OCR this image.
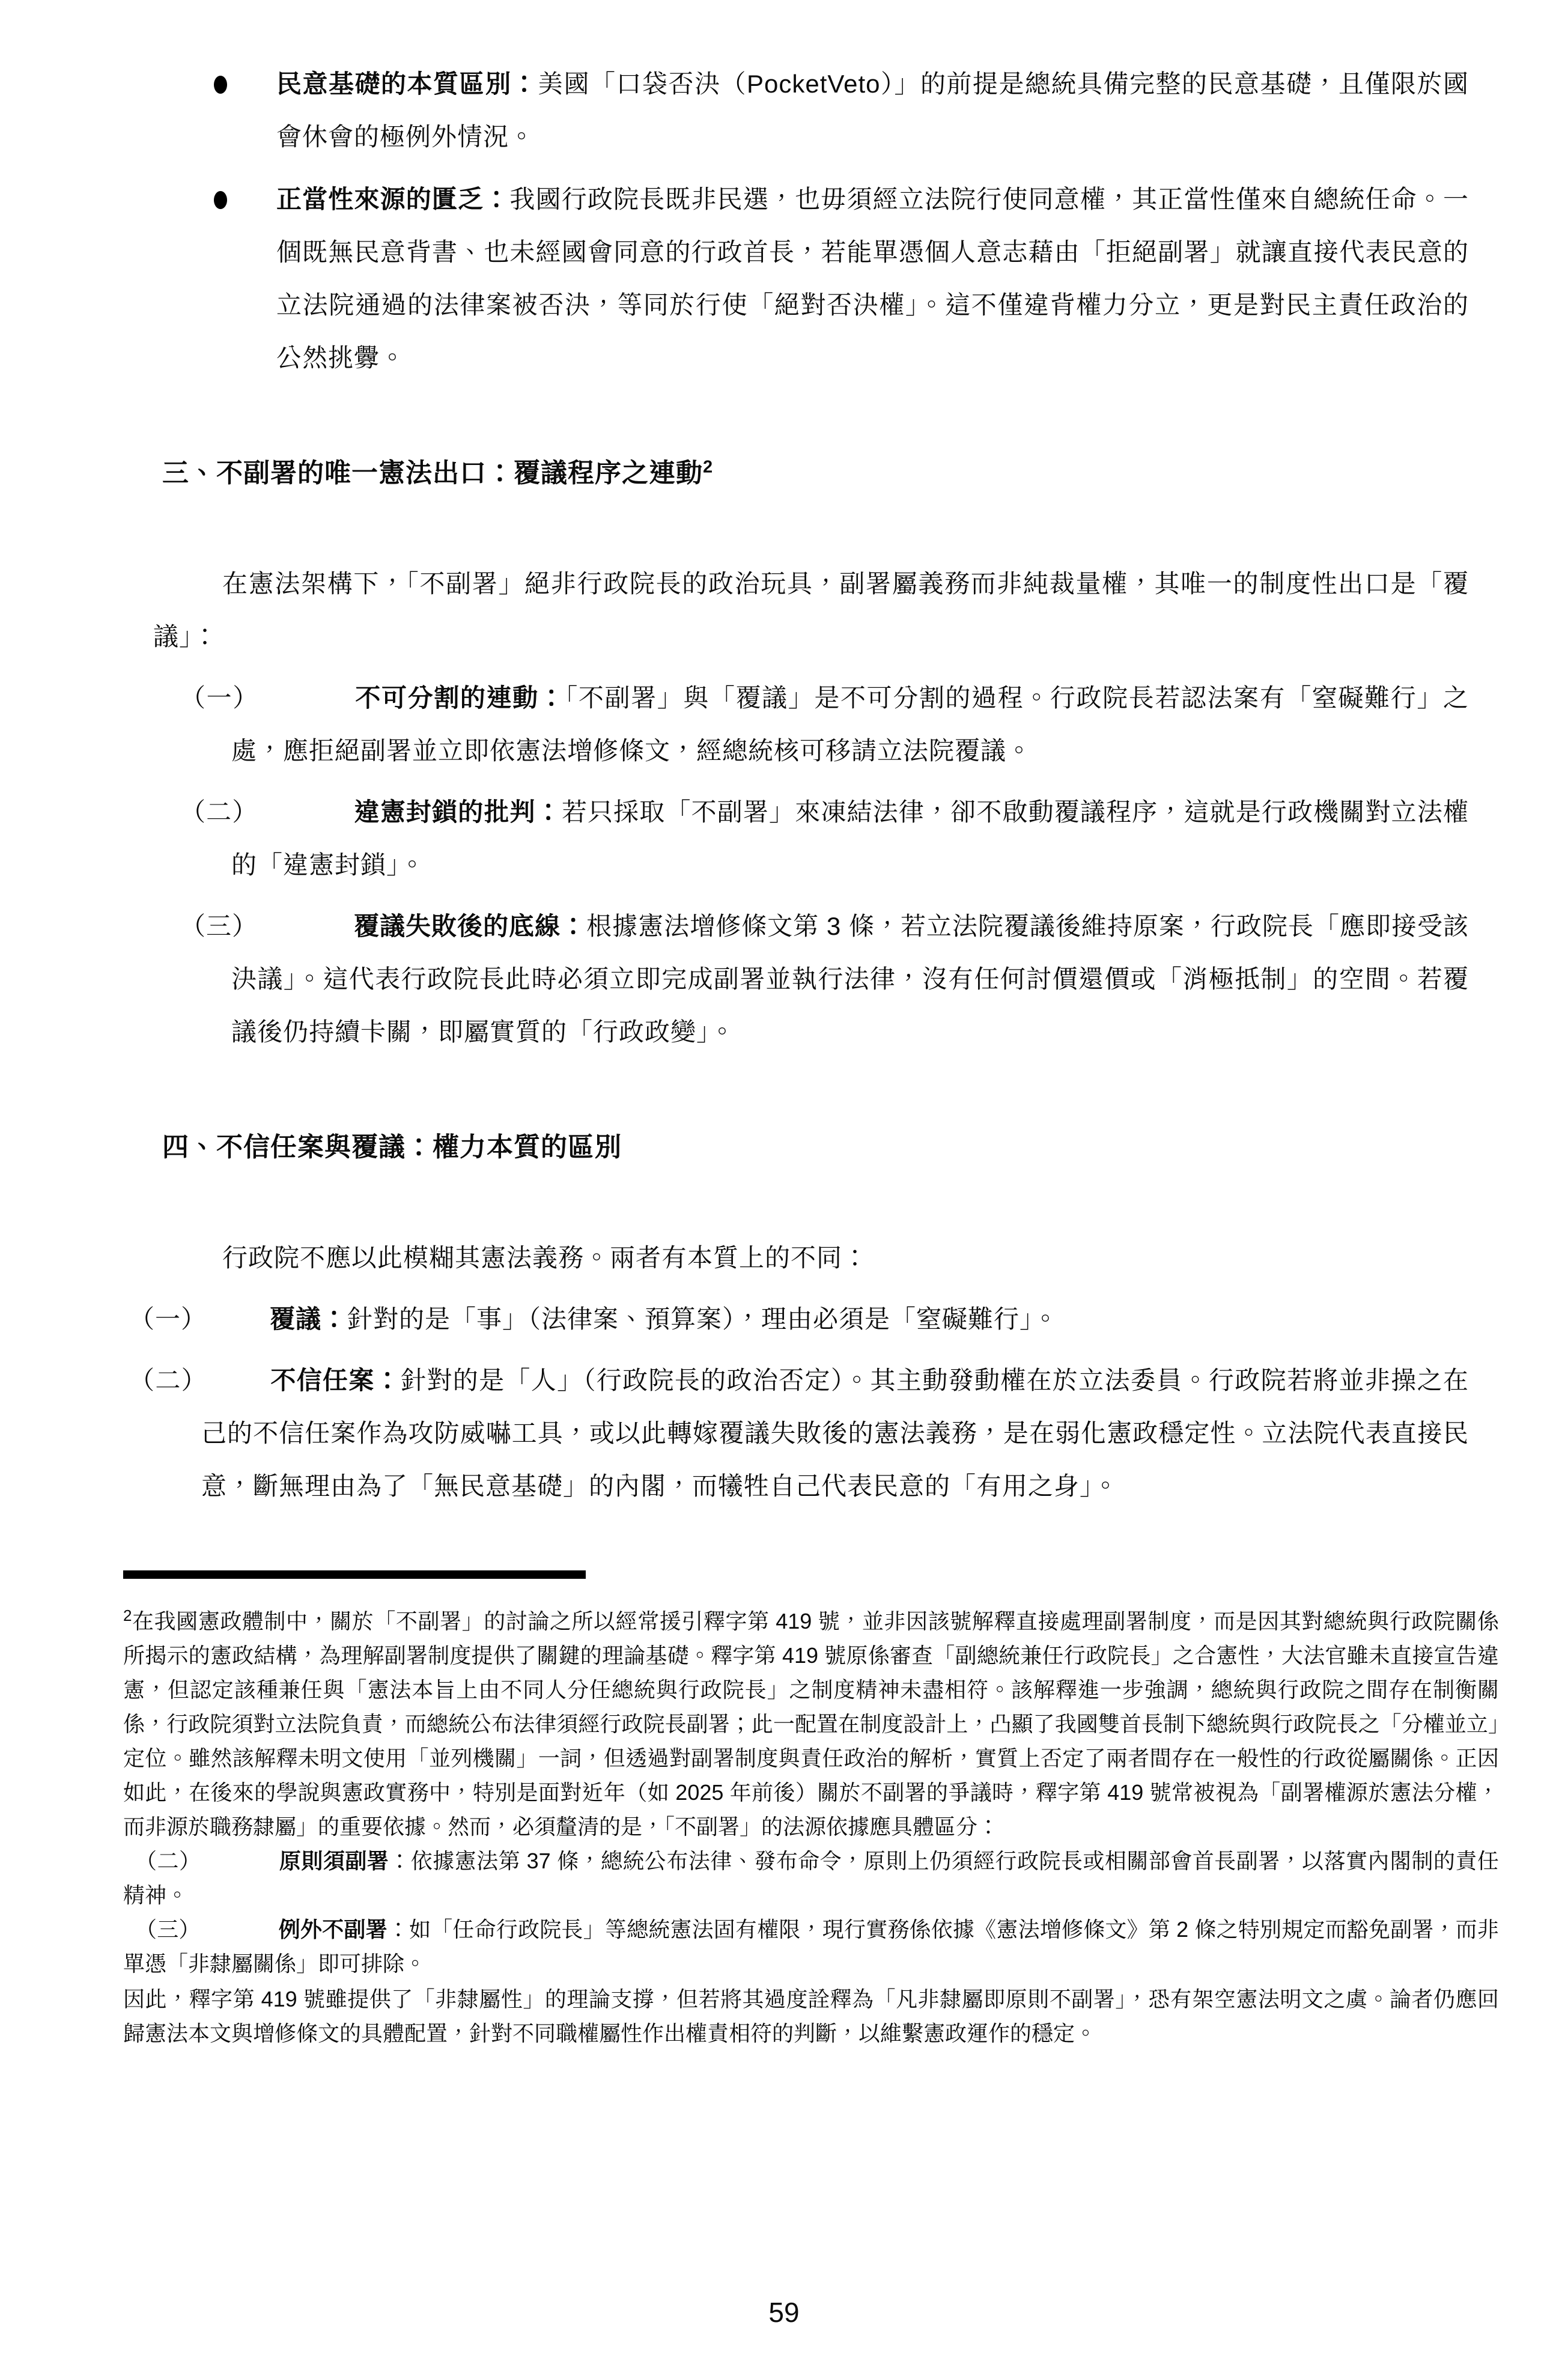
民意基礎的本質區別：美國「口袋否決（PocketVeto）」的前提是總統具備完整的民意基礎，且僅限於國會休會的極例外情況。
正當性來源的匱乏：我國行政院長既非民選，也毋須經立法院行使同意權，其正當性僅來自總統任命。一個既無民意背書、也未經國會同意的行政首長，若能單憑個人意志藉由「拒絕副署」就讓直接代表民意的立法院通過的法律案被否決，等同於行使「絕對否決權」。這不僅違背權力分立，更是對民主責任政治的公然挑釁。
三、不副署的唯一憲法出口：覆議程序之連動$^2$
在憲法架構下，「不副署」絕非行政院長的政治玩具，副署屬義務而非純裁量權，其唯一的制度性出口是「覆議」：
（一）	不可分割的連動：「不副署」與「覆議」是不可分割的過程。行政院長若認法案有「窒礙難行」之處，應拒絕副署並立即依憲法增修條文，經總統核可移請立法院覆議。
（二）	違憲封鎖的批判：若只採取「不副署」來凍結法律，卻不啟動覆議程序，這就是行政機關對立法權的「違憲封鎖」。
（三）	覆議失敗後的底線：根據憲法增修條文第 3 條，若立法院覆議後維持原案，行政院長「應即接受該決議」。這代表行政院長此時必須立即完成副署並執行法律，沒有任何討價還價或「消極抵制」的空間。若覆議後仍持續卡關，即屬實質的「行政政變」。
四、不信任案與覆議：權力本質的區別
行政院不應以此模糊其憲法義務。兩者有本質上的不同：
（一）	覆議：針對的是「事」（法律案、預算案），理由必須是「窒礙難行」。
（二）	不信任案：針對的是「人」（行政院長的政治否定）。其主動發動權在於立法委員。行政院若將並非操之在己的不信任案作為攻防威嚇工具，或以此轉嫁覆議失敗後的憲法義務，是在弱化憲政穩定性。立法院代表直接民意，斷無理由為了「無民意基礎」的內閣，而犧牲自己代表民意的「有用之身」。
$^2$在我國憲政體制中，關於「不副署」的討論之所以經常援引釋字第 419 號，並非因該號解釋直接處理副署制度，而是因其對總統與行政院關係所揭示的憲政結構，為理解副署制度提供了關鍵的理論基礎。釋字第 419 號原係審查「副總統兼任行政院長」之合憲性，大法官雖未直接宣告違憲，但認定該種兼任與「憲法本旨上由不同人分任總統與行政院長」之制度精神未盡相符。該解釋進一步強調，總統與行政院之間存在制衡關係，行政院須對立法院負責，而總統公布法律須經行政院長副署；此一配置在制度設計上，凸顯了我國雙首長制下總統與行政院長之「分權並立」定位。雖然該解釋未明文使用「並列機關」一詞，但透過對副署制度與責任政治的解析，實質上否定了兩者間存在一般性的行政從屬關係。正因如此，在後來的學說與憲政實務中，特別是面對近年（如 2025 年前後）關於不副署的爭議時，釋字第 419 號常被視為「副署權源於憲法分權，而非源於職務隸屬」的重要依據。然而，必須釐清的是，「不副署」的法源依據應具體區分：
（二）	原則須副署：依據憲法第 37 條，總統公布法律、發布命令，原則上仍須經行政院長或相關部會首長副署，以落實內閣制的責任精神。
（三）	例外不副署：如「任命行政院長」等總統憲法固有權限，現行實務係依據《憲法增修條文》第 2 條之特別規定而豁免副署，而非單憑「非隸屬關係」即可排除。
因此，釋字第 419 號雖提供了「非隸屬性」的理論支撐，但若將其過度詮釋為「凡非隸屬即原則不副署」，恐有架空憲法明文之虞。論者仍應回歸憲法本文與增修條文的具體配置，針對不同職權屬性作出權責相符的判斷，以維繫憲政運作的穩定。
59
